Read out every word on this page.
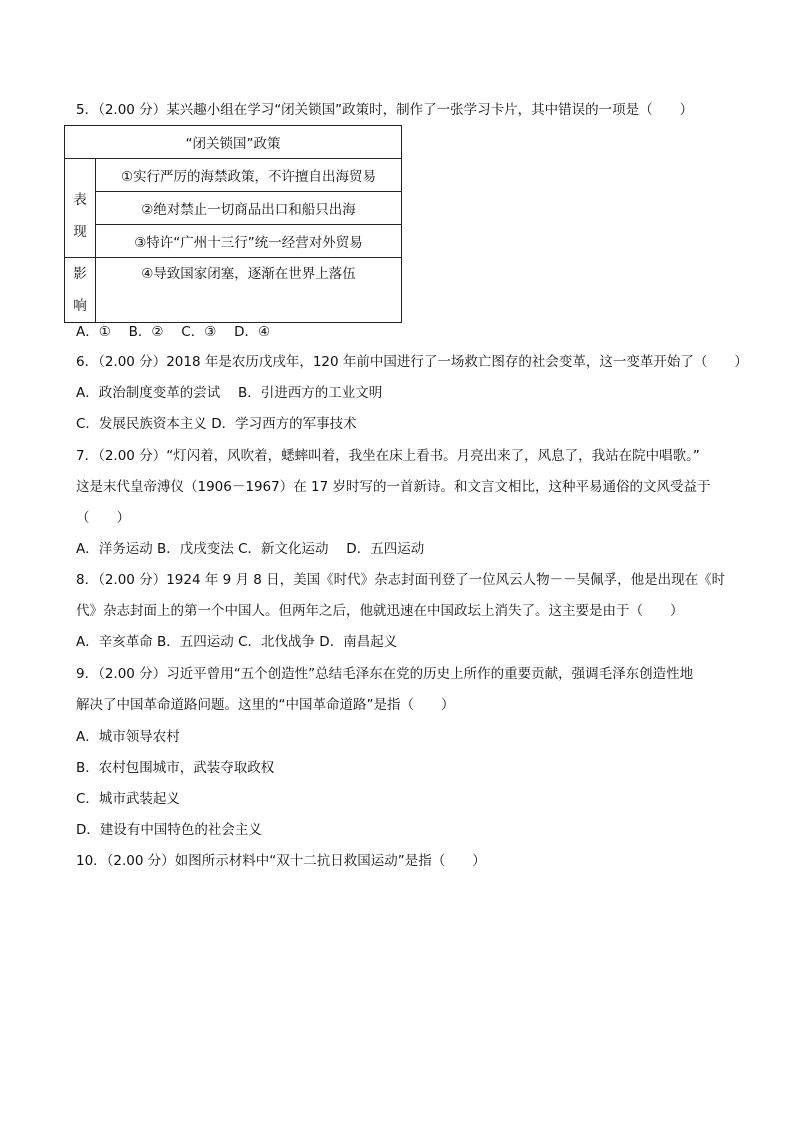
5．（2.00 分）某兴趣小组在学习“闭关锁国”政策时，制作了一张学习卡片，其中错误的一项是（　　）
“闭关锁国”政策	

表
现	①实行严厉的海禁政策，不许擅自出海贸易
	②绝对禁止一切商品出口和船只出海
	③特许“广州十三行”统一经营对外贸易

影
响	④导致国家闭塞，逐渐在世界上落伍
A．①　 B．②　 C．③　 D．④
6．（2.00 分）2018 年是农历戊戌年，120 年前中国进行了一场救亡图存的社会变革，这一变革开始了（　　）
A．政治制度变革的尝试　 B．引进西方的工业文明
C．发展民族资本主义 D．学习西方的军事技术
7．（2.00 分）“灯闪着，风吹着，蟋蟀叫着，我坐在床上看书。月亮出来了，风息了，我站在院中唱歌。”
这是末代皇帝溥仪（1906－1967）在 17 岁时写的一首新诗。和文言文相比，这种平易通俗的文风受益于
（　　）
A．洋务运动 B．戊戌变法 C．新文化运动　 D．五四运动
8．（2.00 分）1924 年 9 月 8 日，美国《时代》杂志封面刊登了一位风云人物－－吴佩孚，他是出现在《时
代》杂志封面上的第一个中国人。但两年之后，他就迅速在中国政坛上消失了。这主要是由于（　　）
A．辛亥革命 B．五四运动 C．北伐战争 D．南昌起义
9．（2.00 分）习近平曾用“五个创造性”总结毛泽东在党的历史上所作的重要贡献，强调毛泽东创造性地
解决了中国革命道路问题。这里的“中国革命道路”是指（　　）
A．城市领导农村
B．农村包围城市，武装夺取政权
C．城市武装起义
D．建设有中国特色的社会主义
10．（2.00 分）如图所示材料中“双十二抗日救国运动”是指（　　）
